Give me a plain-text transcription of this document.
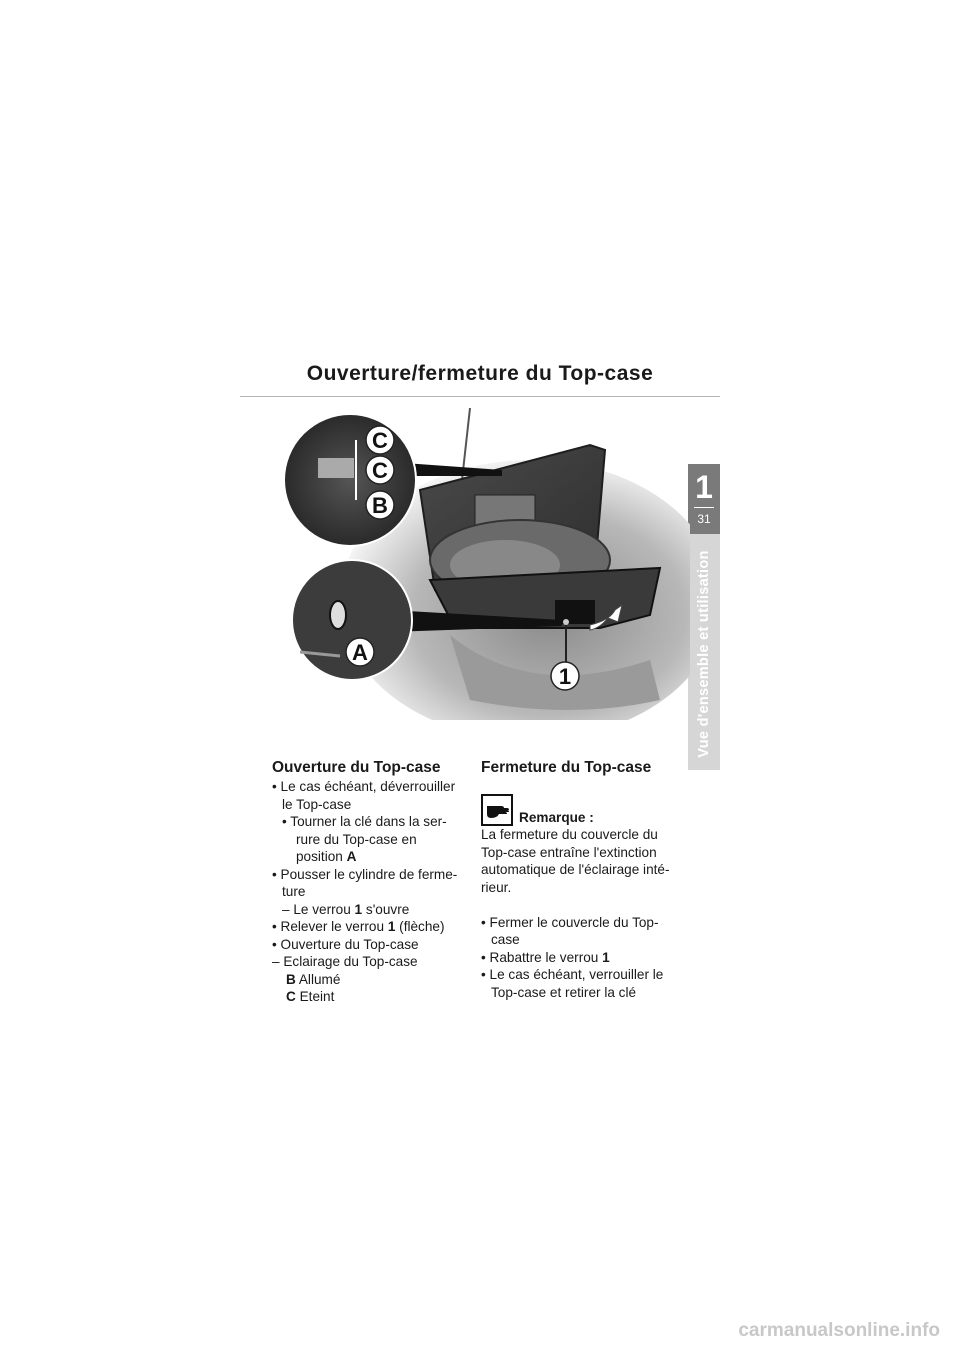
Ouverture/fermeture du Top-case
1
31
Vue d'ensemble et utilisation
C
C
B
A
1
Ouverture du Top-case
• Le cas échéant, déverrouiller
le Top-case
• Tourner la clé dans la ser-
rure du Top-case en
position A
• Pousser le cylindre de ferme-
ture
– Le verrou 1 s'ouvre
• Relever le verrou 1 (flèche)
• Ouverture du Top-case
– Eclairage du Top-case
B Allumé
C Eteint
Fermeture du Top-case
Remarque :
La fermeture du couvercle du
Top-case entraîne l'extinction
automatique de l'éclairage inté-
rieur.
• Fermer le couvercle du Top-
case
• Rabattre le verrou 1
• Le cas échéant, verrouiller le
Top-case et retirer la clé
carmanualsonline.info
